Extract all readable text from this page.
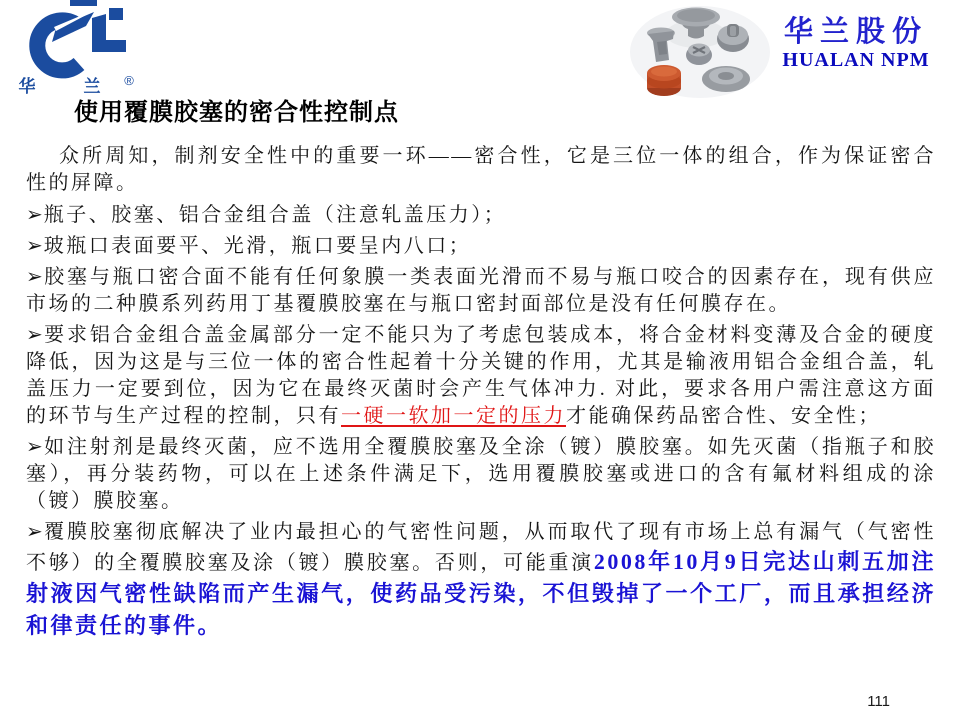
华	兰 ®
华兰股份
HUALAN NPM
使用覆膜胶塞的密合性控制点

众所周知，制剂安全性中的重要一环——密合性，它是三位一体的组合，作为保证密合性的屏障。

➢瓶子、胶塞、铝合金组合盖（注意轧盖压力）；

➢玻瓶口表面要平、光滑，瓶口要呈内八口；

➢胶塞与瓶口密合面不能有任何象膜一类表面光滑而不易与瓶口咬合的因素存在，现有供应市场的二种膜系列药用丁基覆膜胶塞在与瓶口密封面部位是没有任何膜存在。

➢要求铝合金组合盖金属部分一定不能只为了考虑包装成本，将合金材料变薄及合金的硬度降低，因为这是与三位一体的密合性起着十分关键的作用，尤其是输液用铝合金组合盖，轧盖压力一定要到位，因为它在最终灭菌时会产生气体冲力. 对此，要求各用户需注意这方面的环节与生产过程的控制，只有一硬一软加一定的压力才能确保药品密合性、安全性；

➢如注射剂是最终灭菌，应不选用全覆膜胶塞及全涂（镀）膜胶塞。如先灭菌（指瓶子和胶塞），再分装药物，可以在上述条件满足下，选用覆膜胶塞或进口的含有氟材料组成的涂（镀）膜胶塞。

➢覆膜胶塞彻底解决了业内最担心的气密性问题，从而取代了现有市场上总有漏气（气密性不够）的全覆膜胶塞及涂（镀）膜胶塞。否则，可能重演2008年10月9日完达山刺五加注射液因气密性缺陷而产生漏气，使药品受污染，不但毁掉了一个工厂，而且承担经济和律责任的事件。

111
